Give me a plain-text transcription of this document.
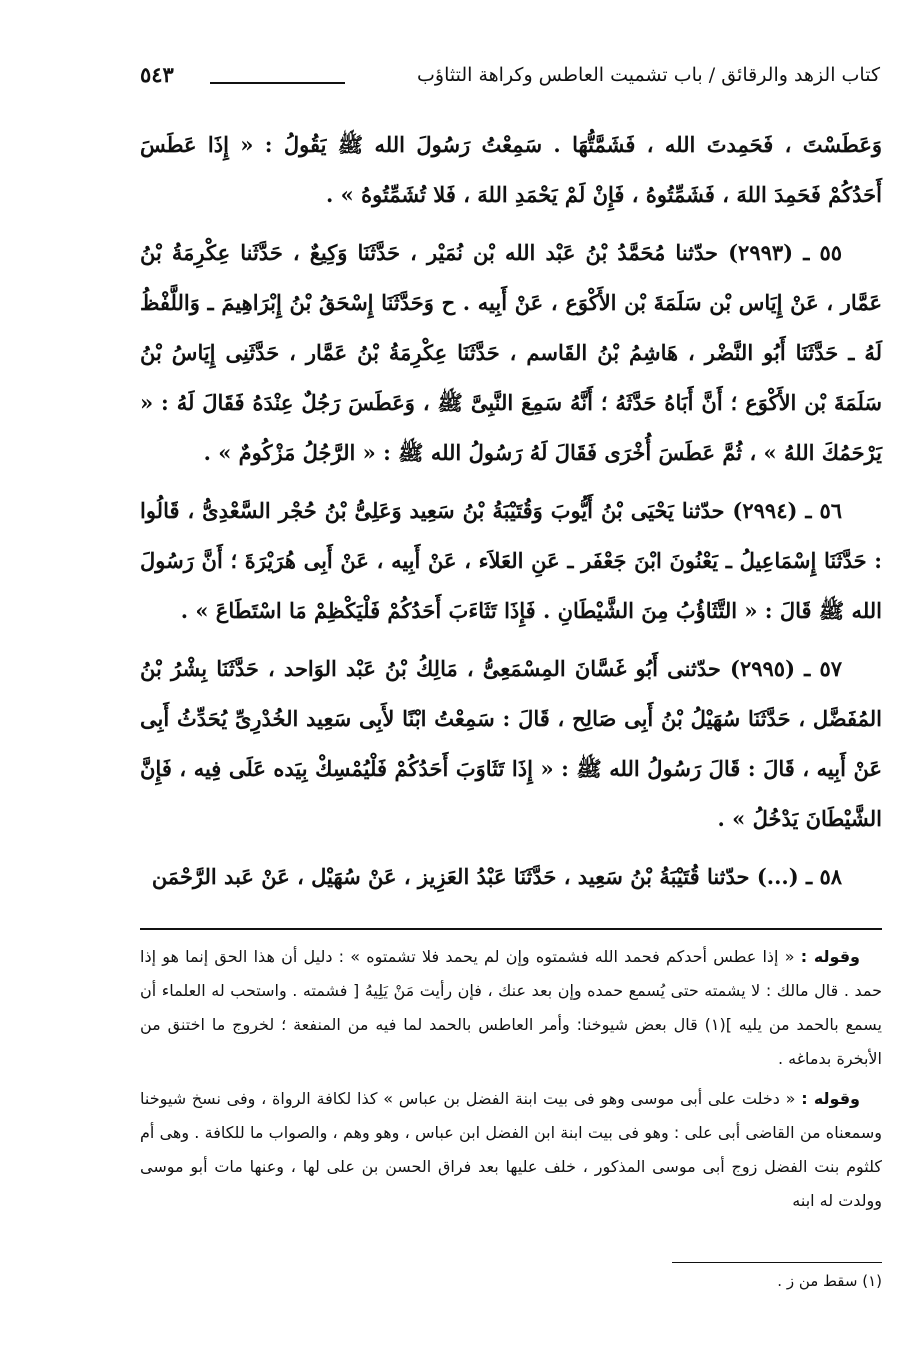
كتاب الزهد والرقائق / باب تشميت العاطس وكراهة التثاؤب
٥٤٣

وَعَطَسْتَ ، فَحَمِدتَ الله ، فَشَمَّتُّهَا . سَمِعْتُ رَسُولَ الله ﷺ يَقُولُ : « إِذَا عَطَسَ أَحَدُكُمْ فَحَمِدَ اللهَ ، فَشَمِّتُوهُ ، فَإِنْ لَمْ يَحْمَدِ اللهَ ، فَلا تُشَمِّتُوهُ » .

٥٥ ـ (٢٩٩٣) حدّثنا مُحَمَّدُ بْنُ عَبْد الله بْن نُمَيْر ، حَدَّثَنَا وَكِيعٌ ، حَدَّثَنا عِكْرِمَةُ بْنُ عَمَّار ، عَنْ إِيَاس بْن سَلَمَةَ بْن الأَكْوَع ، عَنْ أَبِيه . ح وَحَدَّثَنَا إِسْحَقُ بْنُ إِبْرَاهِيمَ ـ وَاللَّفْظُ لَهُ ـ حَدَّثَنَا أَبُو النَّضْر ، هَاشِمُ بْنُ القَاسم ، حَدَّثَنَا عِكْرِمَةُ بْنُ عَمَّار ، حَدَّثَنِى إِيَاسُ بْنُ سَلَمَةَ بْن الأَكْوَع ؛ أَنَّ أَبَاهُ حَدَّثَهُ ؛ أَنَّهُ سَمِعَ النَّبِىَّ ﷺ ، وَعَطَسَ رَجُلٌ عِنْدَهُ فَقَالَ لَهُ : « يَرْحَمُكَ اللهُ » ، ثُمَّ عَطَسَ أُخْرَى فَقَالَ لَهُ رَسُولُ الله ﷺ : « الرَّجُلُ مَزْكُومٌ » .

٥٦ ـ (٢٩٩٤) حدّثنا يَحْيَى بْنُ أَيُّوبَ وَقُتَيْبَةُ بْنُ سَعِيد وَعَلِىُّ بْنُ حُجْر السَّعْدِىُّ ، قَالُوا : حَدَّثَنَا إِسْمَاعِيلُ ـ يَعْنُونَ ابْنَ جَعْفَر ـ عَنِ العَلاَء ، عَنْ أَبِيه ، عَنْ أَبِى هُرَيْرَةَ ؛ أَنَّ رَسُولَ الله ﷺ قَالَ : « التَّثَاؤُبُ مِنَ الشَّيْطَانِ . فَإِذَا تَثَاءَبَ أَحَدُكُمْ فَلْيَكْظِمْ مَا اسْتَطَاعَ » .

٥٧ ـ (٢٩٩٥) حدّثنى أَبُو غَسَّانَ المِسْمَعِىُّ ، مَالِكُ بْنُ عَبْد الوَاحد ، حَدَّثَنَا بِشْرُ بْنُ المُفَضَّل ، حَدَّثَنَا سُهَيْلُ بْنُ أَبِى صَالِح ، قَالَ : سَمِعْتُ ابْنًا لأَبِى سَعِيد الخُدْرِىِّ يُحَدِّثُ أَبِى عَنْ أَبِيه ، قَالَ : قَالَ رَسُولُ الله ﷺ : « إِذَا تَثَاوَبَ أَحَدُكُمْ فَلْيُمْسِكْ بِيَده عَلَى فِيه ، فَإِنَّ الشَّيْطَانَ يَدْخُلُ » .

٥٨ ـ (...) حدّثنا قُتَيْبَةُ بْنُ سَعِيد ، حَدَّثَنَا عَبْدُ العَزِيز ، عَنْ سُهَيْل ، عَنْ عَبد الرَّحْمَن

وقوله : « إذا عطس أحدكم فحمد الله فشمتوه وإن لم يحمد فلا تشمتوه » : دليل أن هذا الحق إنما هو إذا حمد . قال مالك : لا يشمته حتى يُسمع حمده وإن بعد عنك ، فإن رأيت مَنْ يَلِيهُ [ فشمته . واستحب له العلماء أن يسمع بالحمد من يليه ](١) قال بعض شيوخنا: وأمر العاطس بالحمد لما فيه من المنفعة ؛ لخروج ما اختنق من الأبخرة بدماغه .

وقوله : « دخلت على أبى موسى وهو فى بيت ابنة الفضل بن عباس » كذا لكافة الرواة ، وفى نسخ شيوخنا وسمعناه من القاضى أبى على : وهو فى بيت ابنة ابن الفضل ابن عباس ، وهو وهم ، والصواب ما للكافة . وهى أم كلثوم بنت الفضل زوج أبى موسى المذكور ، خلف عليها بعد فراق الحسن بن على لها ، وعنها مات أبو موسى وولدت له ابنه

(١) سقط من ز .
